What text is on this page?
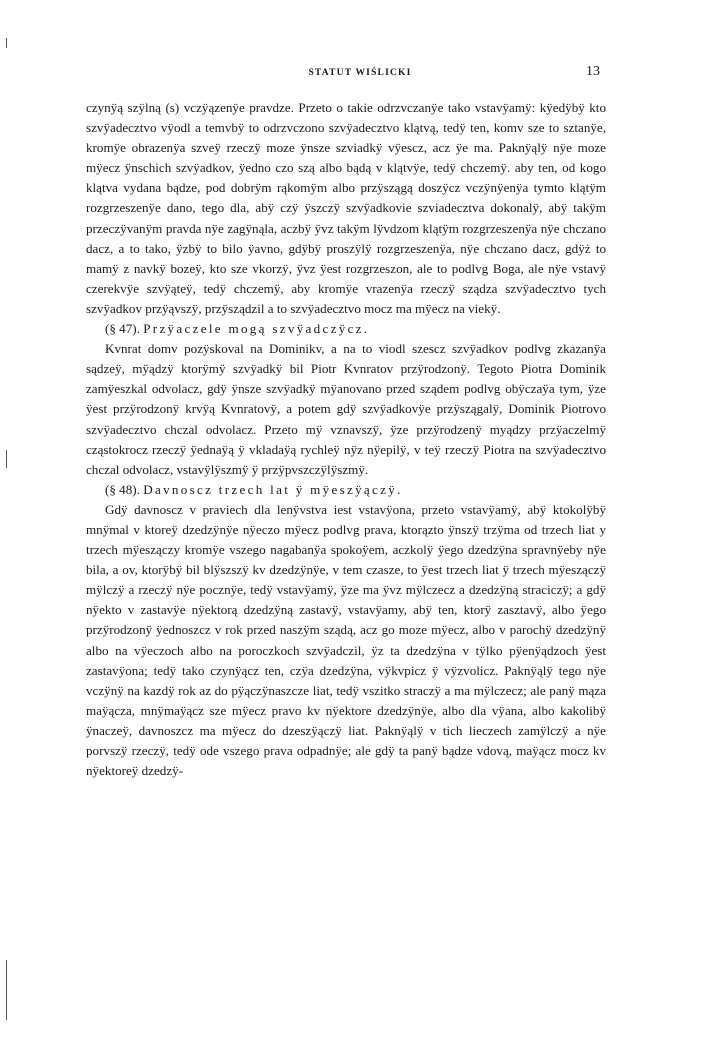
STATUT WIŚLICKI	13

czynÿą szÿlną (s) vczÿązenÿe pravdze. Przeto o takie odrzvczanÿe tako vstavÿamÿ: kÿedÿbÿ kto szvÿadecztvo vÿodl a temvbÿ to odrzvczono szvÿadecztvo klątvą, tedÿ ten, komv sze to sztanÿe, kromÿe obrazenÿa szveÿ rzeczÿ moze ÿnsze szviadkÿ vÿescz, acz ÿe ma. Paknÿąlÿ nÿe moze mÿecz ÿnschich szvÿadkov, ÿedno czo szą albo bądą v klątvÿe, tedÿ chczemÿ. aby ten, od kogo klątva vydana bądze, pod dobrÿm rąkomÿm albo przÿszągą doszÿcz vczÿnÿenÿa tymto klątÿm rozgrzeszenÿe dano, tego dla, abÿ czÿ ÿszczÿ szvÿadkovie szviadecztva dokonalÿ, abÿ takÿm przeczÿvanÿm pravda nÿe zagÿnąla, aczbÿ ÿvz takÿm lÿvdzom klątÿm rozgrzeszenÿa nÿe chczano dacz, a to tako, ÿzbÿ to bilo ÿavno, gdÿbÿ proszÿlÿ rozgrzeszenÿa, nÿe chczano dacz, gdÿż to mamÿ z navkÿ bozeÿ, kto sze vkorzÿ, ÿvz ÿest rozgrzeszon, ale to podlvg Boga, ale nÿe vstavÿ czerekvÿe szvÿąteÿ, tedÿ chczemÿ, aby kromÿe vrazenÿa rzeczÿ sządza szvÿadecztvo tych szvÿadkov przÿąvszÿ, przÿsządzil a to szvÿadecztvo mocz ma mÿecz na viekÿ.

(§ 47). Przÿaczele mogą szvÿadczÿcz.

Kvnrat domv pozÿskoval na Dominikv, a na to viodl szescz szvÿadkov podlvg zkazanÿa sądzeÿ, mÿądzÿ ktorÿmÿ szvÿadkÿ bil Piotr Kvnratov przÿrodzonÿ. Tegoto Piotra Dominik zamÿeszkal odvolacz, gdÿ ÿnsze szvÿadkÿ mÿanovano przed sządem podlvg obÿczaÿa tym, ÿze ÿest przÿrodzonÿ krvÿą Kvnratovÿ, a potem gdÿ szvÿadkovÿe przÿszągalÿ, Dominik Piotrovo szvÿadecztvo chczal odvolacz. Przeto mÿ vznavszÿ, ÿze przÿrodzenÿ myądzy przÿaczelmÿ cząstokrocz rzeczÿ ÿednaÿą ÿ vkladaÿą rychleÿ nÿz nÿepilÿ, v teÿ rzeczÿ Piotra na szvÿadecztvo chczal odvolacz, vstavÿlÿszmÿ ÿ przÿpvszczÿlÿszmÿ.

(§ 48). Davnoscz trzech lat ÿ mÿeszÿączÿ.

Gdÿ davnoscz v praviech dla lenÿvstva iest vstavÿona, przeto vstavÿamÿ, abÿ ktokolÿbÿ mnÿmal v ktoreÿ dzedzÿnÿe nÿeczo mÿecz podlvg prava, ktorązto ÿnszÿ trzÿma od trzech liat y trzech mÿeszączy kromÿe vszego nagabanÿa spokoÿem, aczkolÿ ÿego dzedzÿna spravnÿeby nÿe bila, a ov, ktorÿbÿ bil blÿszszÿ kv dzedzÿnÿe, v tem czasze, to ÿest trzech liat ÿ trzech mÿeszączÿ mÿlczÿ a rzeczÿ nÿe pocznÿe, tedÿ vstavÿamÿ, ÿze ma ÿvz mÿlczecz a dzedzÿną straciczÿ; a gdÿ nÿekto v zastavÿe nÿektorą dzedzÿną zastavÿ, vstavÿamy, abÿ ten, ktorÿ zasztavÿ, albo ÿego przÿrodzonÿ ÿednoszcz v rok przed naszÿm sządą, acz go moze mÿecz, albo v parochÿ dzedzÿnÿ albo na vÿeczoch albo na poroczkoch szvÿadczil, ÿz ta dzedzÿna v tÿlko pÿenÿądzoch ÿest zastavÿona; tedÿ tako czynÿącz ten, czÿa dzedzÿna, vÿkvpicz ÿ vÿzvolicz. Paknÿąlÿ tego nÿe vczÿnÿ na kazdÿ rok az do pÿączÿnaszcze liat, tedÿ vszitko straczÿ a ma mÿlczecz; ale panÿ mąza maÿącza, mnÿmaÿącz sze mÿecz pravo kv nÿektore dzedzÿnÿe, albo dla vÿana, albo kakolibÿ ÿnaczeÿ, davnoszcz ma mÿecz do dzeszÿączÿ liat. Paknÿąlÿ v tich lieczech zamÿlczÿ a nÿe porvszÿ rzeczÿ, tedÿ ode vszego prava odpadnÿe; ale gdÿ ta panÿ bądze vdovą, maÿącz mocz kv nÿektoreÿ dzedzÿ-
